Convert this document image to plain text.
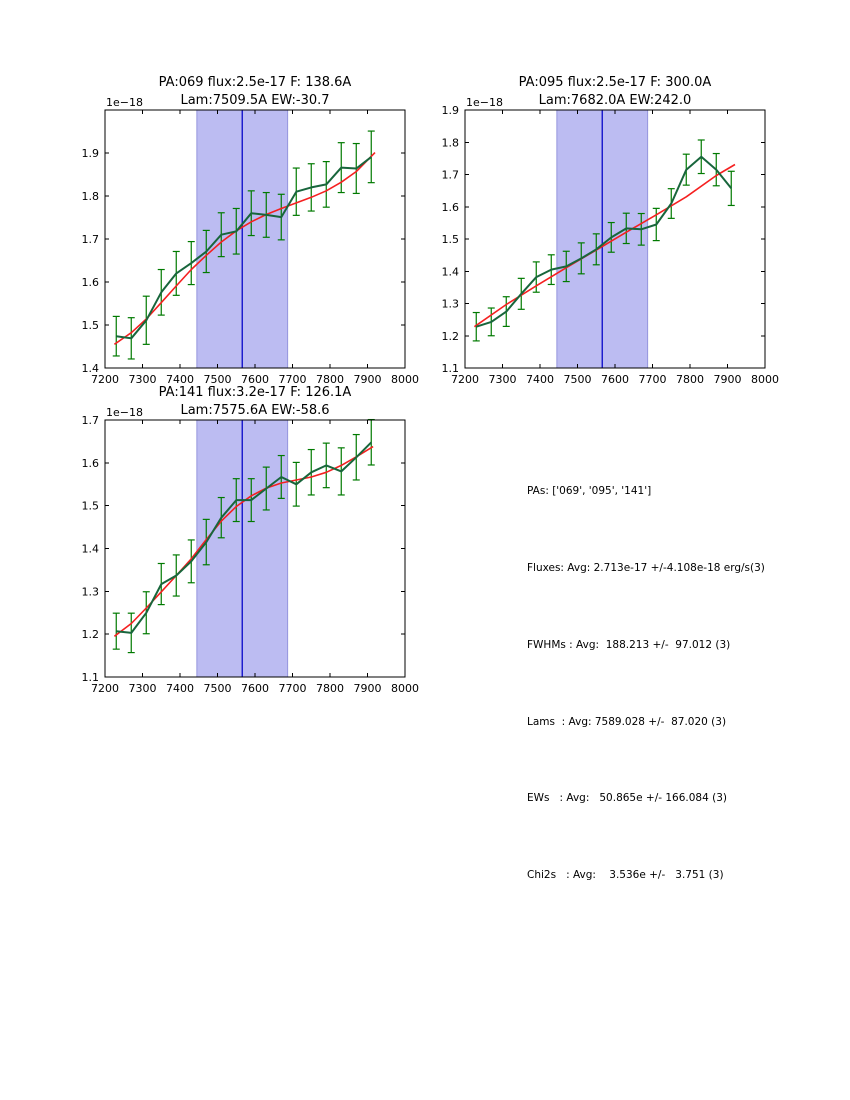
7200 7300 7400 7500 7600 7700 7800 7900 8000
1.4
1.5
1.6
1.7
1.8
1.9
1e−18
PA:069 flux:2.5e-17 F: 138.6A
Lam:7509.5A EW:-30.7
7200 7300 7400 7500 7600 7700 7800 7900 8000
1.1
1.2
1.3
1.4
1.5
1.6
1.7
1.8
1.9
1e−18
PA:095 flux:2.5e-17 F: 300.0A
Lam:7682.0A EW:242.0
7200 7300 7400 7500 7600 7700 7800 7900 8000
1.1
1.2
1.3
1.4
1.5
1.6
1.7
1e−18
PA:141 flux:3.2e-17 F: 126.1A
Lam:7575.6A EW:-58.6

PAs: ['069', '095', '141']

Fluxes: Avg: 2.713e-17 +/-4.108e-18 erg/s(3)

FWHMs : Avg:  188.213 +/-  97.012 (3)

Lams  : Avg: 7589.028 +/-  87.020 (3)

EWs   : Avg:   50.865e +/- 166.084 (3)

Chi2s   : Avg:    3.536e +/-   3.751 (3)
